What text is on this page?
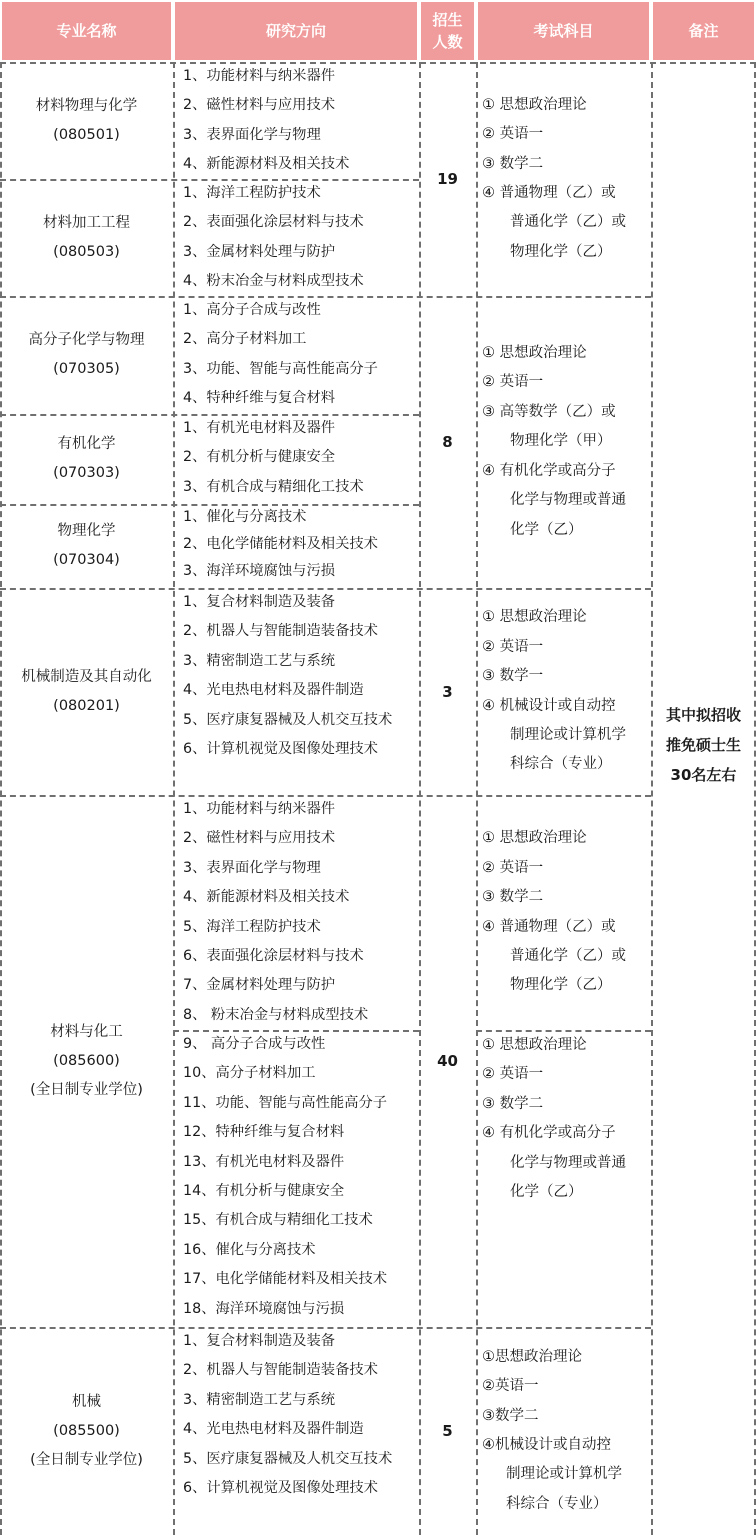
专业名称	研究方向
招生
人数
考试科目	备注
材料物理与化学
(080501)
材料加工工程
(080503)
高分子化学与物理
(070305)
有机化学
(070303)
物理化学
(070304)
机械制造及其自动化
(080201)
材料与化工
(085600)
(全日制专业学位)
机械
(085500)
(全日制专业学位)
1、功能材料与纳米器件
2、磁性材料与应用技术
3、表界面化学与物理
4、新能源材料及相关技术
1、海洋工程防护技术
2、表面强化涂层材料与技术
3、金属材料处理与防护
4、粉末冶金与材料成型技术
1、高分子合成与改性
2、高分子材料加工
3、功能、智能与高性能高分子
4、特种纤维与复合材料
1、有机光电材料及器件
2、有机分析与健康安全
3、有机合成与精细化工技术
1、催化与分离技术
2、电化学储能材料及相关技术
3、海洋环境腐蚀与污损
1、复合材料制造及装备
2、机器人与智能制造装备技术
3、精密制造工艺与系统
4、光电热电材料及器件制造
5、医疗康复器械及人机交互技术
6、计算机视觉及图像处理技术
1、功能材料与纳米器件
2、磁性材料与应用技术
3、表界面化学与物理
4、新能源材料及相关技术
5、海洋工程防护技术
6、表面强化涂层材料与技术
7、金属材料处理与防护
8、 粉末冶金与材料成型技术
9、 高分子合成与改性
10、高分子材料加工
11、功能、智能与高性能高分子
12、特种纤维与复合材料
13、有机光电材料及器件
14、有机分析与健康安全
15、有机合成与精细化工技术
16、催化与分离技术
17、电化学储能材料及相关技术
18、海洋环境腐蚀与污损
1、复合材料制造及装备
2、机器人与智能制造装备技术
3、精密制造工艺与系统
4、光电热电材料及器件制造
5、医疗康复器械及人机交互技术
6、计算机视觉及图像处理技术
19
8
3
40
5
① 思想政治理论
② 英语一
③ 数学二
④ 普通物理（乙）或
普通化学（乙）或
物理化学（乙）
① 思想政治理论
② 英语一
③ 高等数学（乙）或
物理化学（甲）
④ 有机化学或高分子
化学与物理或普通
化学（乙）
① 思想政治理论
② 英语一
③ 数学一
④ 机械设计或自动控
制理论或计算机学
科综合（专业）
① 思想政治理论
② 英语一
③ 数学二
④ 普通物理（乙）或
普通化学（乙）或
物理化学（乙）
① 思想政治理论
② 英语一
③ 数学二
④ 有机化学或高分子
化学与物理或普通
化学（乙）
①思想政治理论
②英语一
③数学二
④机械设计或自动控
制理论或计算机学
科综合（专业）
其中拟招收
推免硕士生
30名左右
